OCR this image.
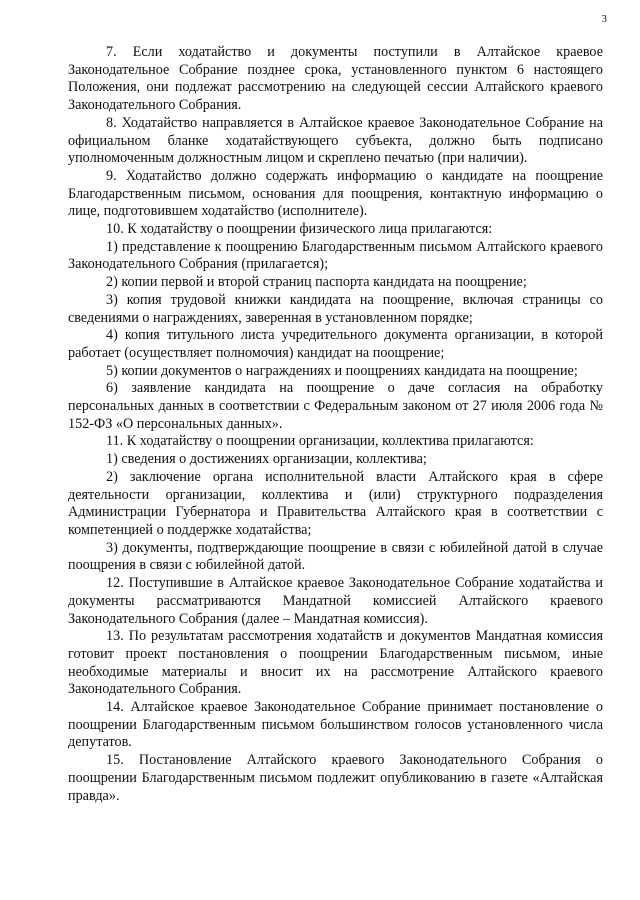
3

7. Если ходатайство и документы поступили в Алтайское краевое Законодательное Собрание позднее срока, установленного пунктом 6 настоящего Положения, они подлежат рассмотрению на следующей сессии Алтайского краевого Законодательного Собрания.

8. Ходатайство направляется в Алтайское краевое Законодательное Собрание на официальном бланке ходатайствующего субъекта, должно быть подписано уполномоченным должностным лицом и скреплено печатью (при наличии).

9. Ходатайство должно содержать информацию о кандидате на поощрение Благодарственным письмом, основания для поощрения, контактную информацию о лице, подготовившем ходатайство (исполнителе).

10. К ходатайству о поощрении физического лица прилагаются:

1) представление к поощрению Благодарственным письмом Алтайского краевого Законодательного Собрания (прилагается);

2) копии первой и второй страниц паспорта кандидата на поощрение;

3) копия трудовой книжки кандидата на поощрение, включая страницы со сведениями о награждениях, заверенная в установленном порядке;

4) копия титульного листа учредительного документа организации, в которой работает (осуществляет полномочия) кандидат на поощрение;

5) копии документов о награждениях и поощрениях кандидата на поощрение;

6) заявление кандидата на поощрение о даче согласия на обработку персональных данных в соответствии с Федеральным законом от 27 июля 2006 года № 152-ФЗ «О персональных данных».

11. К ходатайству о поощрении организации, коллектива прилагаются:

1) сведения о достижениях организации, коллектива;

2) заключение органа исполнительной власти Алтайского края в сфере деятельности организации, коллектива и (или) структурного подразделения Администрации Губернатора и Правительства Алтайского края в соответствии с компетенцией о поддержке ходатайства;

3) документы, подтверждающие поощрение в связи с юбилейной датой в случае поощрения в связи с юбилейной датой.

12. Поступившие в Алтайское краевое Законодательное Собрание ходатайства и документы рассматриваются Мандатной комиссией Алтайского краевого Законодательного Собрания (далее – Мандатная комиссия).

13. По результатам рассмотрения ходатайств и документов Мандатная комиссия готовит проект постановления о поощрении Благодарственным письмом, иные необходимые материалы и вносит их на рассмотрение Алтайского краевого Законодательного Собрания.

14. Алтайское краевое Законодательное Собрание принимает постановление о поощрении Благодарственным письмом большинством голосов установленного числа депутатов.

15. Постановление Алтайского краевого Законодательного Собрания о поощрении Благодарственным письмом подлежит опубликованию в газете «Алтайская правда».
